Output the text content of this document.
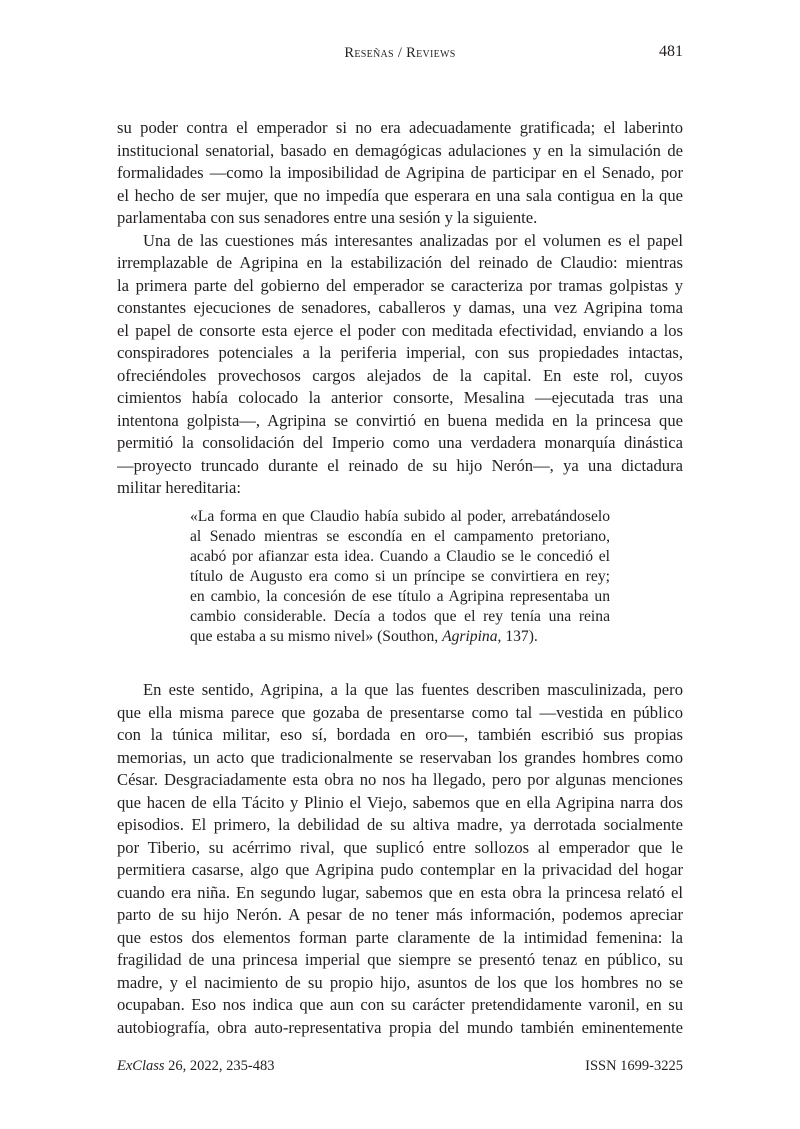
Reseñas / Reviews	481
su poder contra el emperador si no era adecuadamente gratificada; el laberinto
institucional senatorial, basado en demagógicas adulaciones y en la simulación de
formalidades —como la imposibilidad de Agripina de participar en el Senado, por
el hecho de ser mujer, que no impedía que esperara en una sala contigua en la que
parlamentaba con sus senadores entre una sesión y la siguiente.
Una de las cuestiones más interesantes analizadas por el volumen es el papel
irremplazable de Agripina en la estabilización del reinado de Claudio: mientras
la primera parte del gobierno del emperador se caracteriza por tramas golpistas y
constantes ejecuciones de senadores, caballeros y damas, una vez Agripina toma
el papel de consorte esta ejerce el poder con meditada efectividad, enviando a los
conspiradores potenciales a la periferia imperial, con sus propiedades intactas,
ofreciéndoles provechosos cargos alejados de la capital. En este rol, cuyos
cimientos había colocado la anterior consorte, Mesalina —ejecutada tras una
intentona golpista—, Agripina se convirtió en buena medida en la princesa que
permitió la consolidación del Imperio como una verdadera monarquía dinástica
—proyecto truncado durante el reinado de su hijo Nerón—, ya una dictadura
militar hereditaria:
«La forma en que Claudio había subido al poder, arrebatándoselo
al Senado mientras se escondía en el campamento pretoriano,
acabó por afianzar esta idea. Cuando a Claudio se le concedió el
título de Augusto era como si un príncipe se convirtiera en rey;
en cambio, la concesión de ese título a Agripina representaba un
cambio considerable. Decía a todos que el rey tenía una reina
que estaba a su mismo nivel» (Southon, Agripina, 137).
En este sentido, Agripina, a la que las fuentes describen masculinizada, pero
que ella misma parece que gozaba de presentarse como tal —vestida en público
con la túnica militar, eso sí, bordada en oro—, también escribió sus propias
memorias, un acto que tradicionalmente se reservaban los grandes hombres como
César. Desgraciadamente esta obra no nos ha llegado, pero por algunas menciones
que hacen de ella Tácito y Plinio el Viejo, sabemos que en ella Agripina narra dos
episodios. El primero, la debilidad de su altiva madre, ya derrotada socialmente
por Tiberio, su acérrimo rival, que suplicó entre sollozos al emperador que le
permitiera casarse, algo que Agripina pudo contemplar en la privacidad del hogar
cuando era niña. En segundo lugar, sabemos que en esta obra la princesa relató el
parto de su hijo Nerón. A pesar de no tener más información, podemos apreciar
que estos dos elementos forman parte claramente de la intimidad femenina: la
fragilidad de una princesa imperial que siempre se presentó tenaz en público, su
madre, y el nacimiento de su propio hijo, asuntos de los que los hombres no se
ocupaban. Eso nos indica que aun con su carácter pretendidamente varonil, en su
autobiografía, obra auto-representativa propia del mundo también eminentemente
ExClass 26, 2022, 235-483	ISSN 1699-3225
